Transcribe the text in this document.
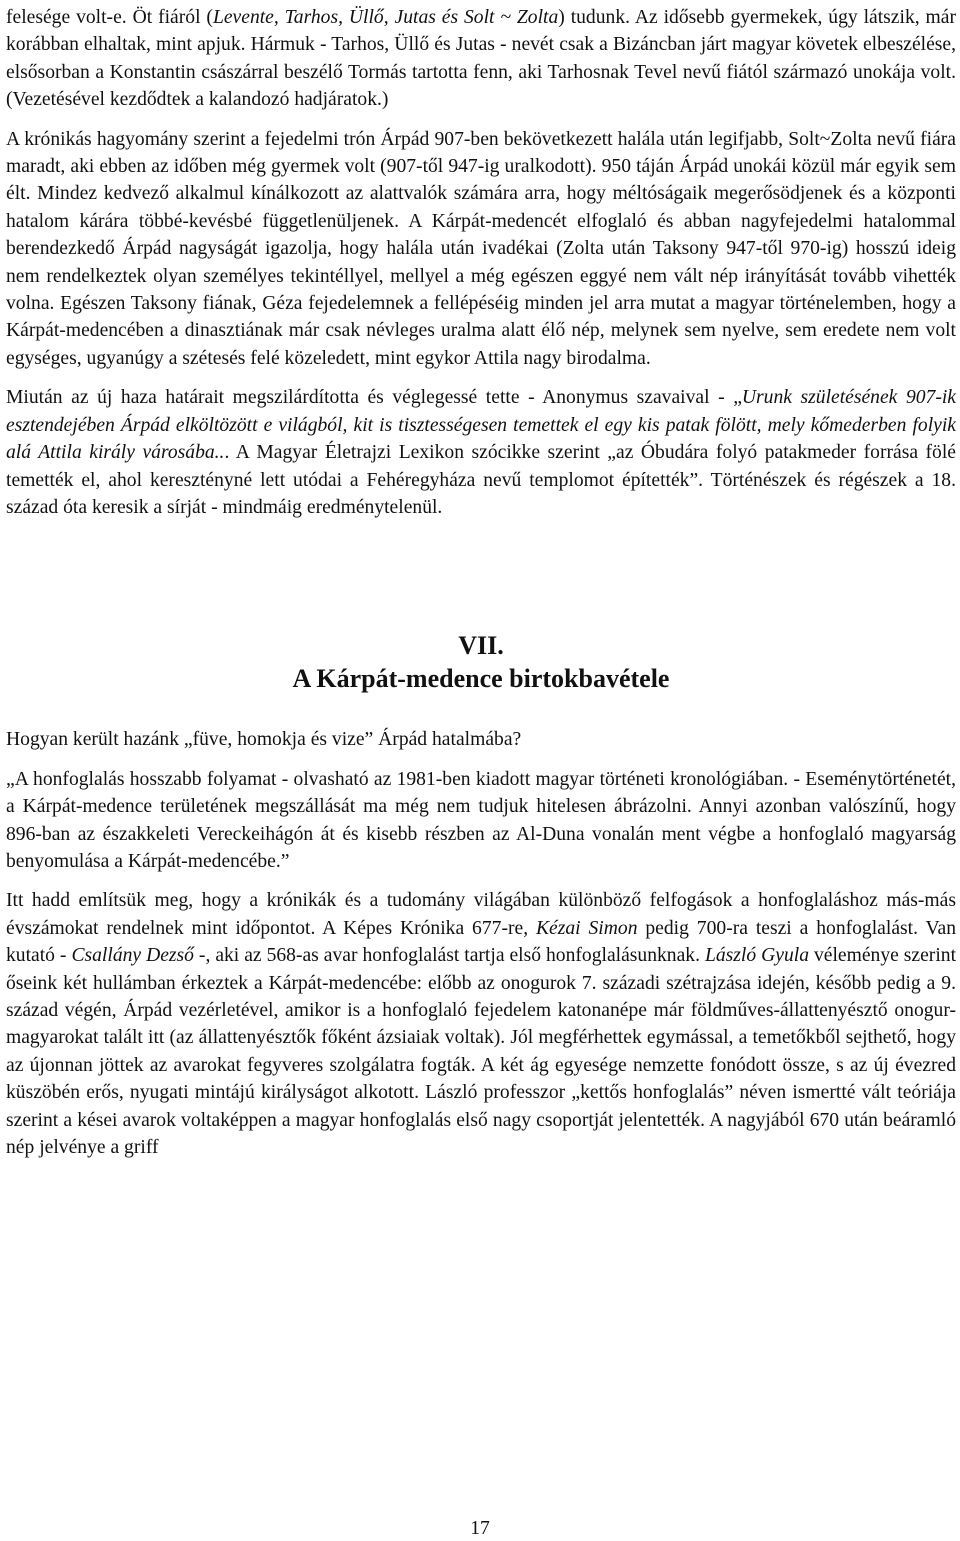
felesége volt-e. Öt fiáról (Levente, Tarhos, Üllő, Jutas és Solt ~ Zolta) tudunk. Az idősebb gyermekek, úgy látszik, már korábban elhaltak, mint apjuk. Hármuk - Tarhos, Üllő és Jutas - nevét csak a Bizáncban járt magyar követek elbeszélése, elsősorban a Konstantin császárral beszélő Tormás tartotta fenn, aki Tarhosnak Tevel nevű fiától származó unokája volt. (Vezetésével kezdődtek a kalandozó hadjáratok.)

A krónikás hagyomány szerint a fejedelmi trón Árpád 907-ben bekövetkezett halála után legifjabb, Solt~Zolta nevű fiára maradt, aki ebben az időben még gyermek volt (907-től 947-ig uralkodott). 950 táján Árpád unokái közül már egyik sem élt. Mindez kedvező alkalmul kínálkozott az alattvalók számára arra, hogy méltóságaik megerősödjenek és a központi hatalom kárára többé-kevésbé függetlenüljenek. A Kárpát-medencét elfoglaló és abban nagyfejedelmi hatalommal berendezkedő Árpád nagyságát igazolja, hogy halála után ivadékai (Zolta után Taksony 947-től 970-ig) hosszú ideig nem rendelkeztek olyan személyes tekintéllyel, mellyel a még egészen eggyé nem vált nép irányítását tovább vihették volna. Egészen Taksony fiának, Géza fejedelemnek a fellépéséig minden jel arra mutat a magyar történelemben, hogy a Kárpát-medencében a dinasztiának már csak névleges uralma alatt élő nép, melynek sem nyelve, sem eredete nem volt egységes, ugyanúgy a szétesés felé közeledett, mint egykor Attila nagy birodalma.

Miután az új haza határait megszilárdította és véglegessé tette - Anonymus szavaival - „Urunk születésének 907-ik esztendejében Árpád elköltözött e világból, kit is tisztességesen temettek el egy kis patak fölött, mely kőmederben folyik alá Attila király városába... A Magyar Életrajzi Lexikon szócikke szerint „az Óbudára folyó patakmeder forrása fölé temették el, ahol keresztényné lett utódai a Fehéregyháza nevű templomot építették”. Történészek és régészek a 18. század óta keresik a sírját - mindmáig eredménytelenül.

VII.
A Kárpát-medence birtokbavétele

Hogyan került hazánk „füve, homokja és vize” Árpád hatalmába?

„A honfoglalás hosszabb folyamat - olvasható az 1981-ben kiadott magyar történeti kronológiában. - Eseménytörténetét, a Kárpát-medence területének megszállását ma még nem tudjuk hitelesen ábrázolni. Annyi azonban valószínű, hogy 896-ban az északkeleti Vereckeihágón át és kisebb részben az Al-Duna vonalán ment végbe a honfoglaló magyarság benyomulása a Kárpát-medencébe.”

Itt hadd említsük meg, hogy a krónikák és a tudomány világában különböző felfogások a honfoglaláshoz más-más évszámokat rendelnek mint időpontot. A Képes Krónika 677-re, Kézai Simon pedig 700-ra teszi a honfoglalást. Van kutató - Csallány Dezső -, aki az 568-as avar honfoglalást tartja első honfoglalásunknak. László Gyula véleménye szerint őseink két hullámban érkeztek a Kárpát-medencébe: előbb az onogurok 7. századi szétrajzása idején, később pedig a 9. század végén, Árpád vezérletével, amikor is a honfoglaló fejedelem katonanépe már földműves-állattenyésztő onogur-magyarokat talált itt (az állattenyésztők főként ázsiaiak voltak). Jól megférhettek egymással, a temetőkből sejthető, hogy az újonnan jöttek az avarokat fegyveres szolgálatra fogták. A két ág egyesége nemzette fonódott össze, s az új évezred küszöbén erős, nyugati mintájú királyságot alkotott. László professzor „kettős honfoglalás” néven ismertté vált teóriája szerint a kései avarok voltaképpen a magyar honfoglalás első nagy csoportját jelentették. A nagyjából 670 után beáramló nép jelvénye a griff

17
